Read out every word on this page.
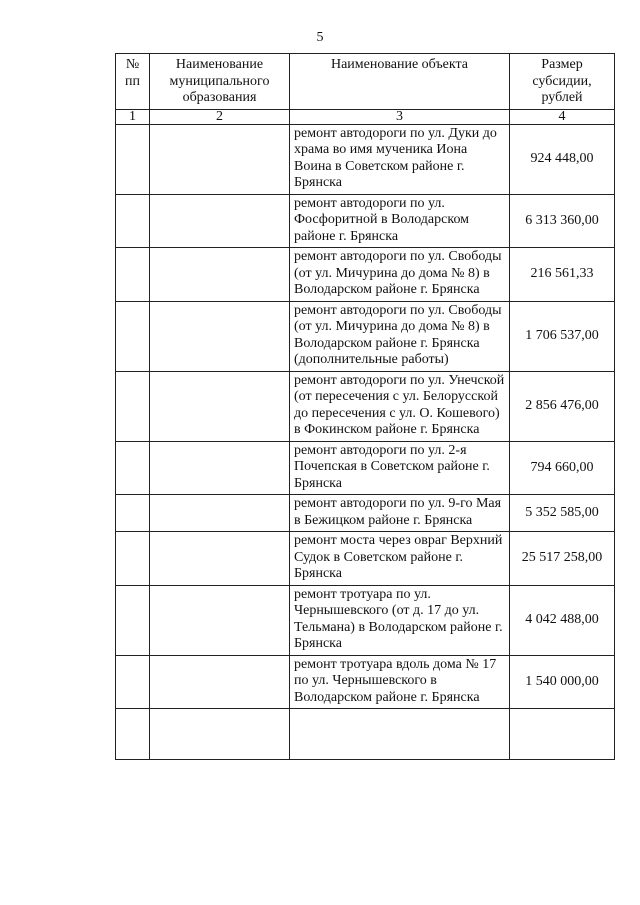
5
№ пп	Наименование муниципального образования	Наименование объекта	Размер субсидии, рублей
1	2	3	4
		ремонт автодороги по ул. Дуки до храма во имя мученика Иона Воина в Советском районе г. Брянска	924 448,00
		ремонт автодороги по ул. Фосфоритной в Володарском районе г. Брянска	6 313 360,00
		ремонт автодороги по ул. Свободы (от ул. Мичурина до дома № 8) в Володарском районе г. Брянска	216 561,33
		ремонт автодороги по ул. Свободы (от ул. Мичурина до дома № 8) в Володарском районе г. Брянска (дополнительные работы)	1 706 537,00
		ремонт автодороги по ул. Унечской (от пересечения с ул. Белорусской до пересечения с ул. О. Кошевого) в Фокинском районе г. Брянска	2 856 476,00
		ремонт автодороги по ул. 2-я Почепская в Советском районе г. Брянска	794 660,00
		ремонт автодороги по ул. 9-го Мая в Бежицком районе г. Брянска	5 352 585,00
		ремонт моста через овраг Верхний Судок в Советском районе г. Брянска	25 517 258,00
		ремонт тротуара по ул. Чернышевского (от д. 17 до ул. Тельмана) в Володарском районе г. Брянска	4 042 488,00
		ремонт тротуара вдоль дома № 17 по ул. Чернышевского в Володарском районе г. Брянска	1 540 000,00
